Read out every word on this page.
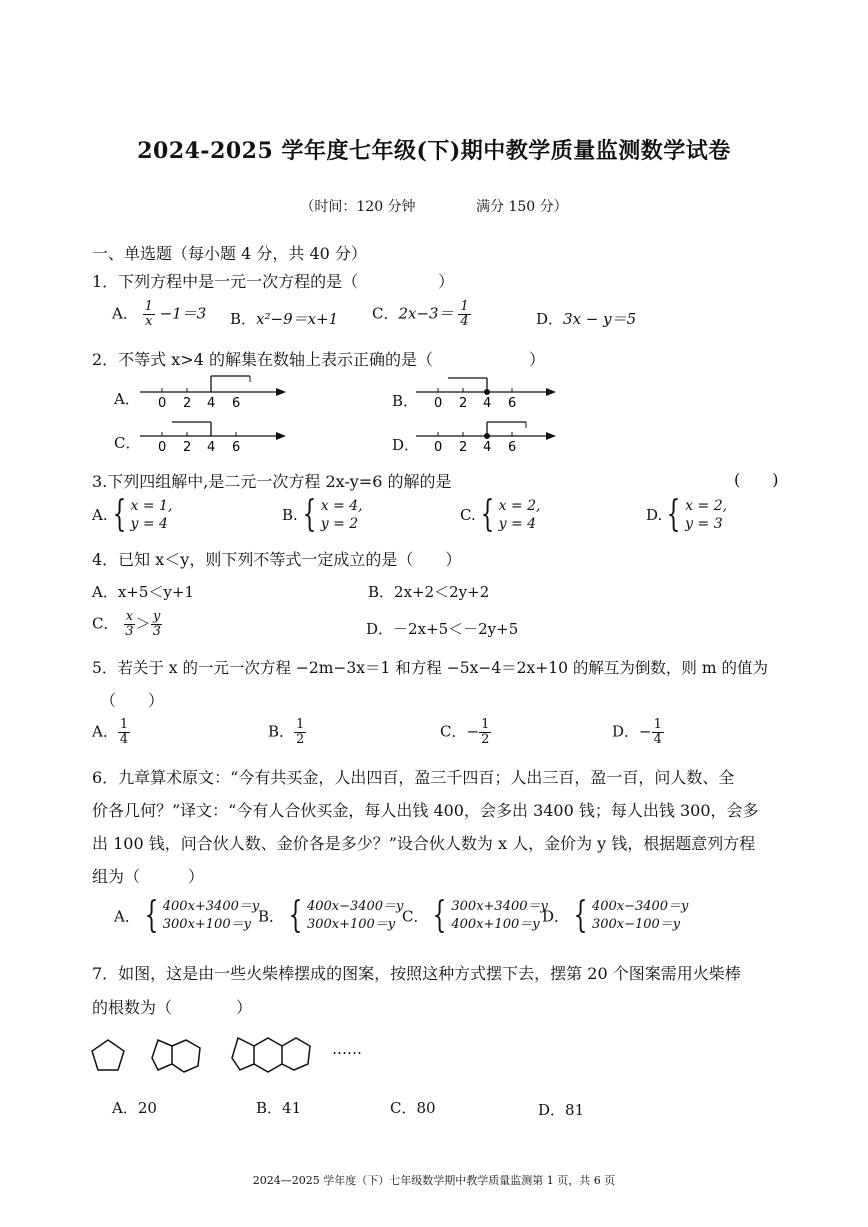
2024-2025 学年度七年级(下)期中教学质量监测数学试卷
（时间：120 分钟	满分 150 分）
一、单选题（每小题 4 分，共 40 分）
1．下列方程中是一元一次方程的是（　　　　　）
A． $\frac{1}{x} -1=3$ B．x²−9＝x+1 C．$2x-3= \frac{1}{4}$	D．3x − y＝5
2．不等式 x>4 的解集在数轴上表示正确的是（　　　　　　）
A． 0 2 4 6	B． 0 2 4 6
C． 0 2 4 6	D． 0 2 4 6
3.下列四组解中,是二元一次方程 2x-y=6 的解的是	(　　)
A. { x = 1,
y = 4	B. { x = 4,
y = 2	C. { x = 2,
y = 4	D. { x = 2,
y = 3
4．已知 x＜y，则下列不等式一定成立的是（　　）
A．x+5＜y+1	B．2x+2＜2y+2
C． $\frac{x}{3} > \frac{y}{3}$	D．－2x+5＜－2y+5
5．若关于 x 的一元一次方程 −2m−3x＝1 和方程 −5x−4＝2x+10 的解互为倒数，则 m 的值为
（　　）
A． $\frac{1}{4}$	B． $\frac{1}{2}$	C．− $\frac{1}{2}$	D．− $\frac{1}{4}$
6．九章算术原文：“今有共买金，人出四百，盈三千四百；人出三百，盈一百，问人数、全
价各几何？”译文：“今有人合伙买金，每人出钱 400，会多出 3400 钱；每人出钱 300，会多
出 100 钱，问合伙人数、金价各是多少？”设合伙人数为 x 人，金价为 y 钱，根据题意列方程
组为（　　　）
A． { 400x+3400＝y
300x+100＝y B． { 400x−3400＝y
300x+100＝y C． { 300x+3400＝y
400x+100＝y D． { 400x−3400＝y
300x−100＝y
7．如图，这是由一些火柴棒摆成的图案，按照这种方式摆下去，摆第 20 个图案需用火柴棒
的根数为（　　　　）
……
A．20	B．41	C．80	D．81
2024—2025 学年度（下）七年级数学期中教学质量监测第 1 页，共 6 页
